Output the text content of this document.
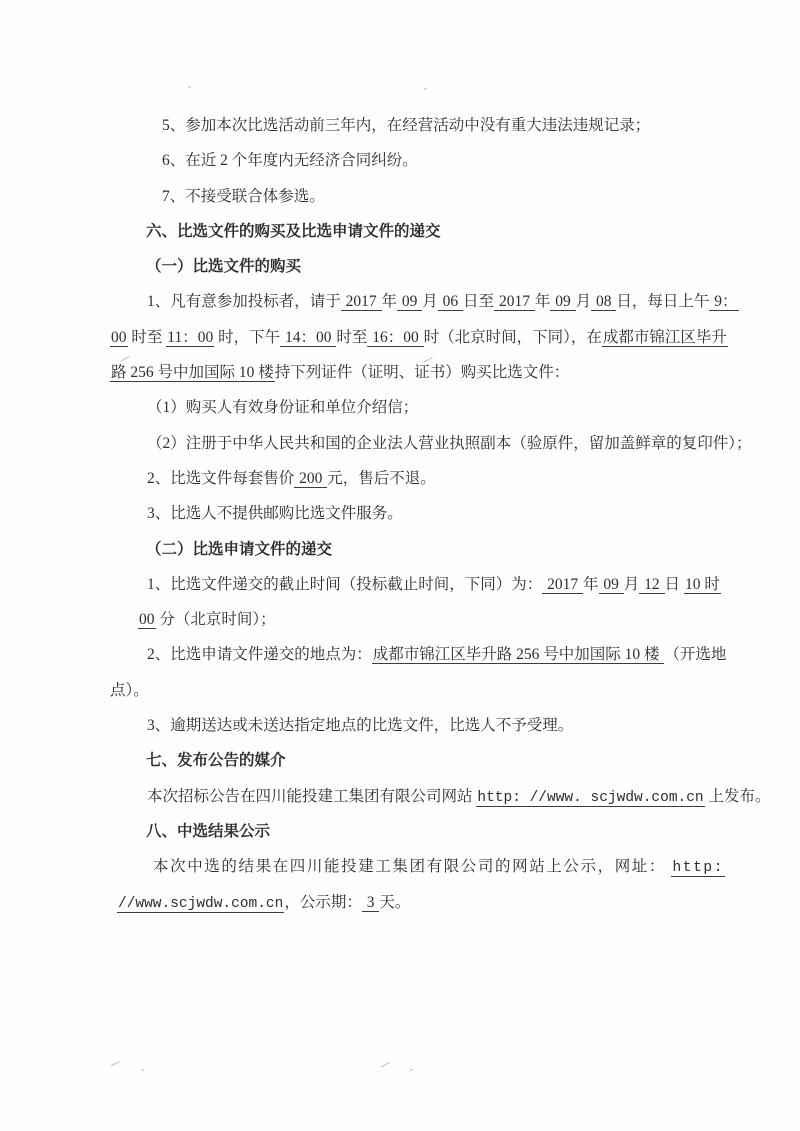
5、参加本次比选活动前三年内，在经营活动中没有重大违法违规记录；
6、在近 2 个年度内无经济合同纠纷。
7、不接受联合体参选。
六、比选文件的购买及比选申请文件的递交
（一）比选文件的购买
1、凡有意参加投标者，请于 2017 年 09 月 06 日至 2017 年 09 月 08 日，每日上午 9：
00 时至 11：00 时，下午 14：00 时至 16：00 时（北京时间，下同），在成都市锦江区毕升
路 256 号中加国际 10 楼持下列证件（证明、证书）购买比选文件：
（1）购买人有效身份证和单位介绍信；
（2）注册于中华人民共和国的企业法人营业执照副本（验原件，留加盖鲜章的复印件）；
2、比选文件每套售价 200 元，售后不退。
3、比选人不提供邮购比选文件服务。
（二）比选申请文件的递交
1、比选文件递交的截止时间（投标截止时间，下同）为： 2017 年 09 月 12 日 10 时
00 分（北京时间）；
2、比选申请文件递交的地点为：成都市锦江区毕升路 256 号中加国际 10 楼 （开选地
点）。
3、逾期送达或未送达指定地点的比选文件，比选人不予受理。
七、发布公告的媒介
本次招标公告在四川能投建工集团有限公司网站 http: //www. scjwdw.com.cn 上发布。
八、中选结果公示
本次中选的结果在四川能投建工集团有限公司的网站上公示，网址： http:
//www.scjwdw.com.cn，公示期： 3 天。
